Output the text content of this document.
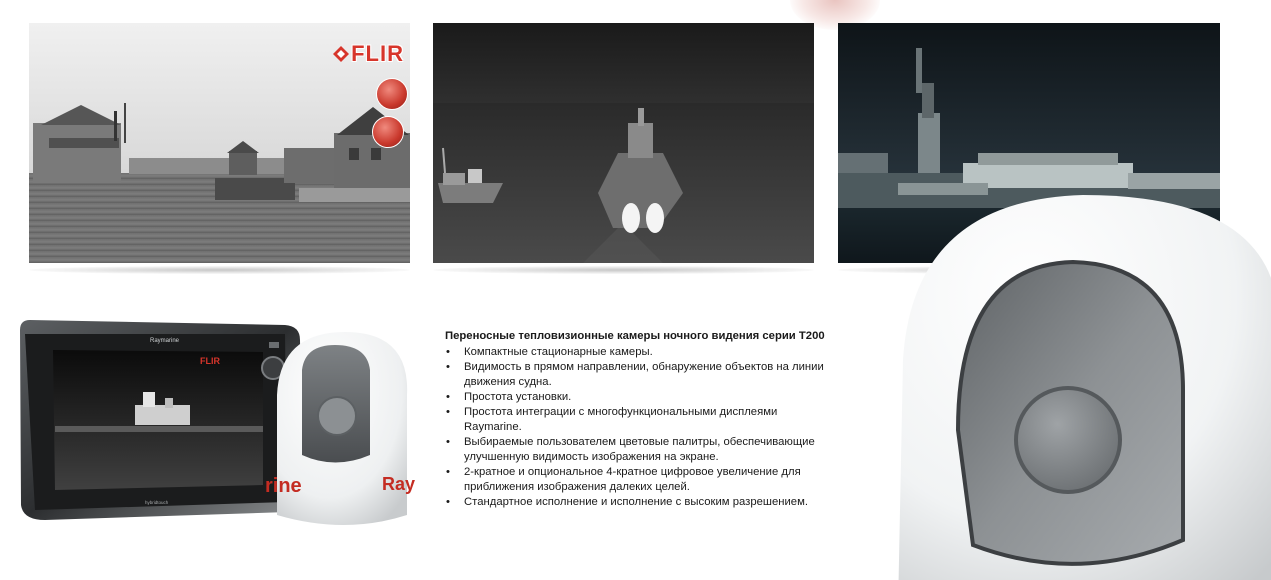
FLIR
Raymarine
FLIR
hybridtouch
rine	Ray
Переносные тепловизионные камеры ночного видения серии T200
• Компактные стационарные камеры.
• Видимость в прямом направлении, обнаружение объектов на линии движения судна.
• Простота установки.
• Простота интеграции с многофункциональными дисплеями Raymarine.
• Выбираемые пользователем цветовые палитры, обеспечивающие улучшенную видимость изображения на экране.
• 2-кратное и опциональное 4-кратное цифровое увеличение для приближения изображения далеких целей.
• Стандартное исполнение и исполнение с высоким разрешением.
